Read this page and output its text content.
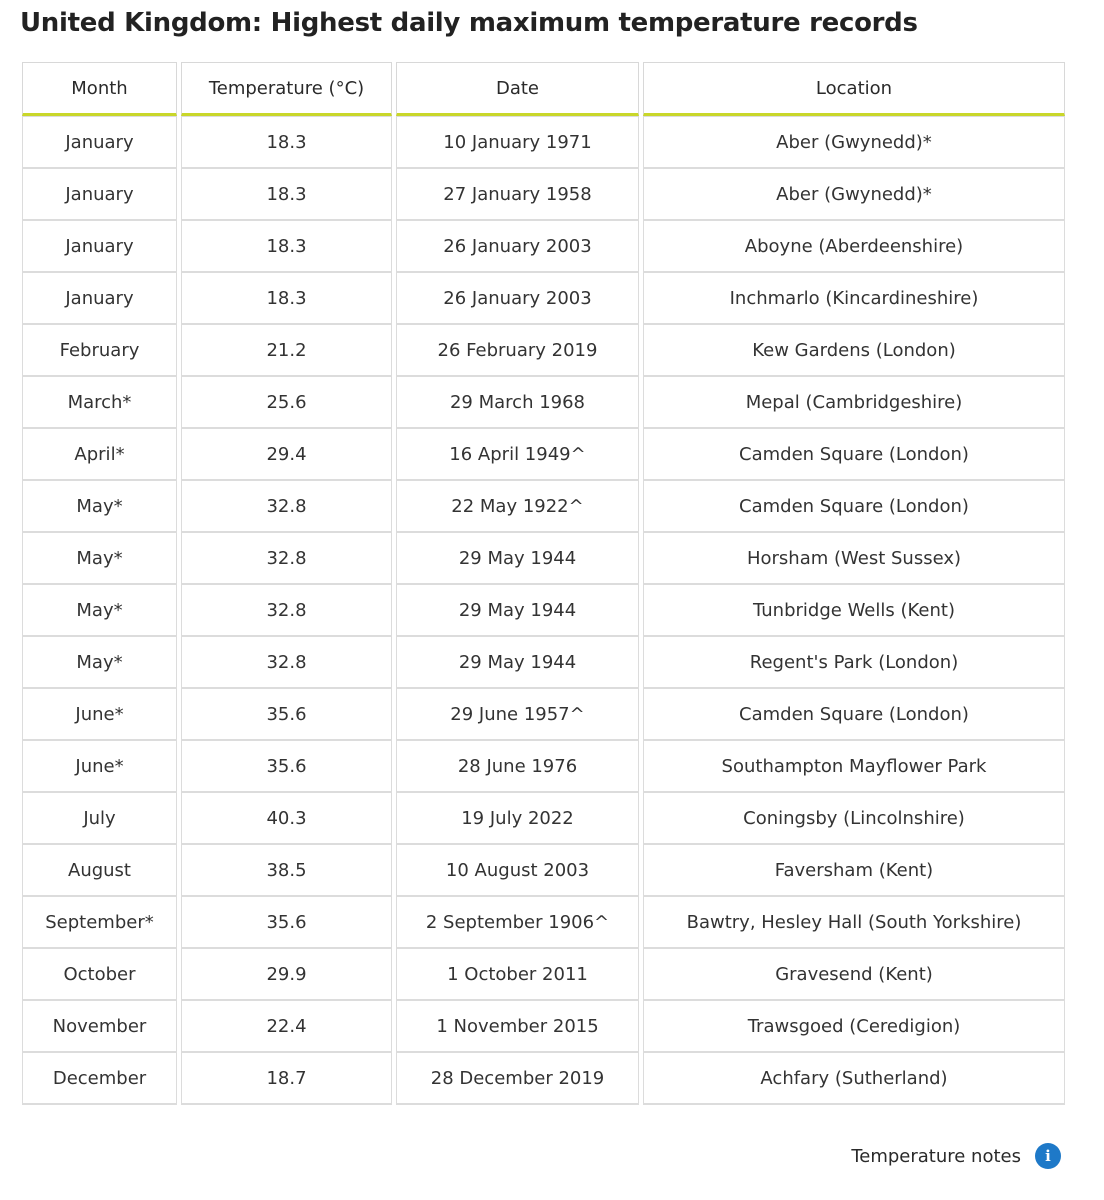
United Kingdom: Highest daily maximum temperature records
Month	Temperature (°C)	Date	Location
January	18.3	10 January 1971	Aber (Gwynedd)*
January	18.3	27 January 1958	Aber (Gwynedd)*
January	18.3	26 January 2003	Aboyne (Aberdeenshire)
January	18.3	26 January 2003	Inchmarlo (Kincardineshire)
February	21.2	26 February 2019	Kew Gardens (London)
March*	25.6	29 March 1968	Mepal (Cambridgeshire)
April*	29.4	16 April 1949^	Camden Square (London)
May*	32.8	22 May 1922^	Camden Square (London)
May*	32.8	29 May 1944	Horsham (West Sussex)
May*	32.8	29 May 1944	Tunbridge Wells (Kent)
May*	32.8	29 May 1944	Regent's Park (London)
June*	35.6	29 June 1957^	Camden Square (London)
June*	35.6	28 June 1976	Southampton Mayflower Park
July	40.3	19 July 2022	Coningsby (Lincolnshire)
August	38.5	10 August 2003	Faversham (Kent)
September*	35.6	2 September 1906^	Bawtry, Hesley Hall (South Yorkshire)
October	29.9	1 October 2011	Gravesend (Kent)
November	22.4	1 November 2015	Trawsgoed (Ceredigion)
December	18.7	28 December 2019	Achfary (Sutherland)
Temperature notes	i
